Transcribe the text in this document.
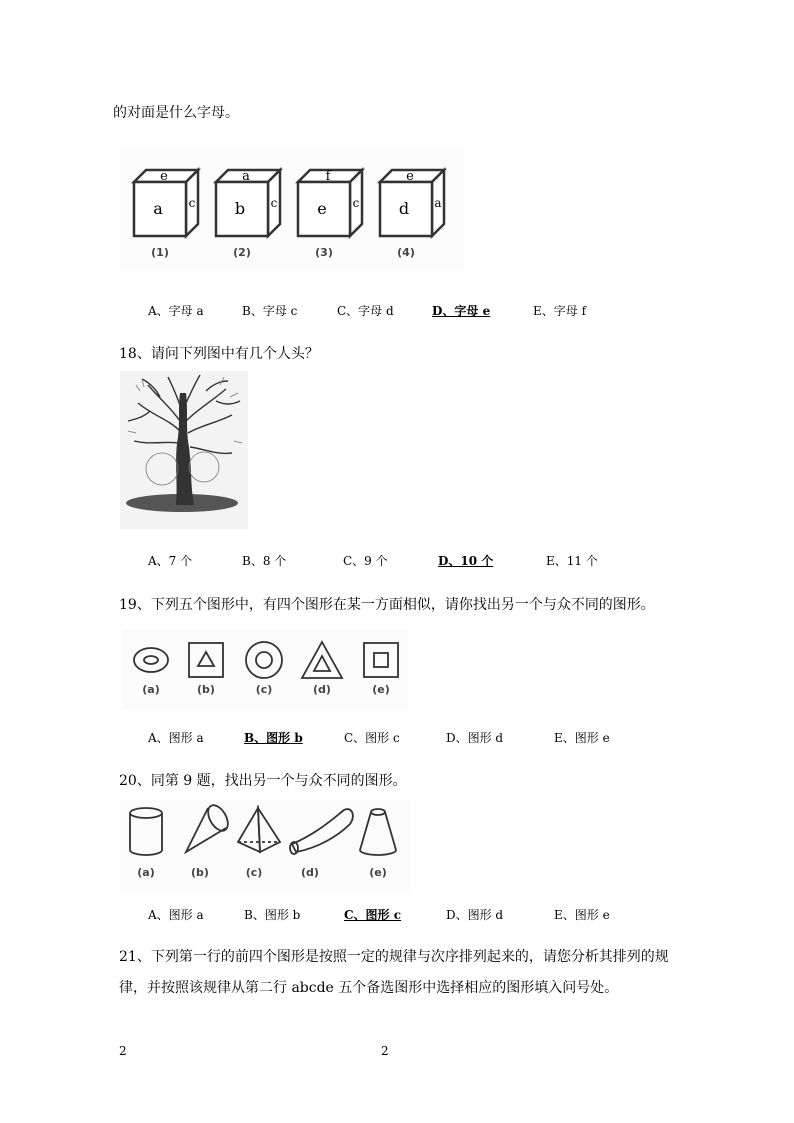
的对面是什么字母。
e
a c
a
b c
f
e c
e
d a
(1)	(2)	(3)	(4)
A、字母 a	B、字母 c	C、字母 d	D、字母 e	E、字母 f
18、请问下列图中有几个人头？
A、7 个	B、8 个	C、9 个	D、10 个	E、11 个
19、下列五个图形中，有四个图形在某一方面相似，请你找出另一个与众不同的图形。
(a)	(b)	(c)	(d)	(e)
A、图形 a	B、图形 b	C、图形 c	D、图形 d	E、图形 e
20、同第 9 题，找出另一个与众不同的图形。
(a)	(b)	(c)	(d)	(e)
A、图形 a	B、图形 b	C、图形 c	D、图形 d	E、图形 e
21、下列第一行的前四个图形是按照一定的规律与次序排列起来的，请您分析其排列的规
律，并按照该规律从第二行 abcde 五个备选图形中选择相应的图形填入问号处。
2	2
